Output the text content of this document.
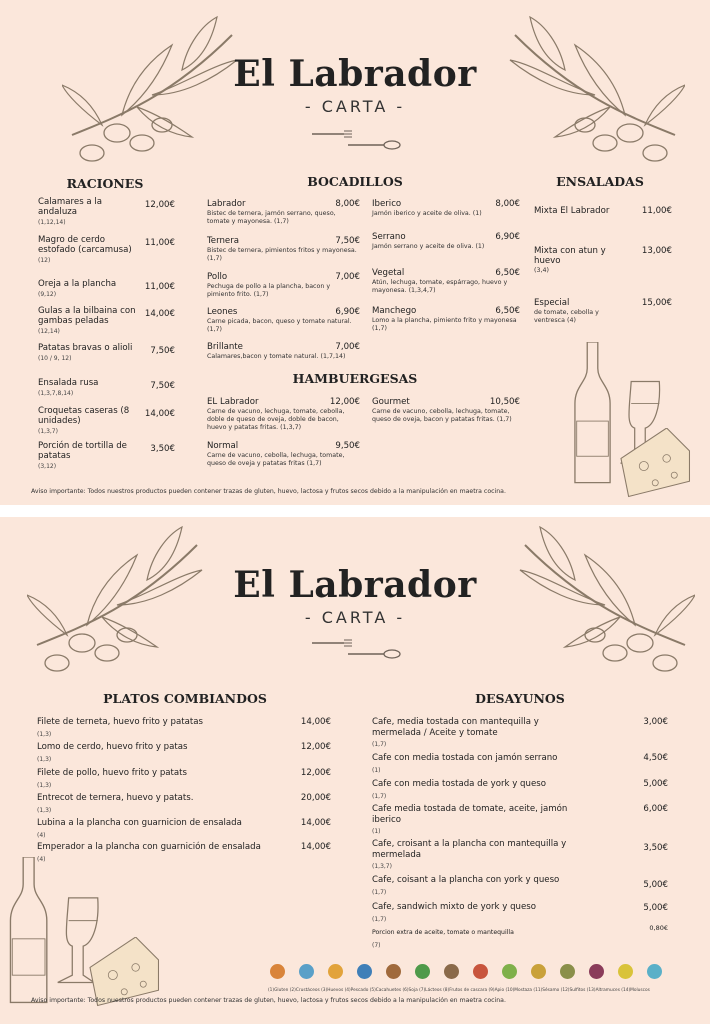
El Labrador
- CARTA -
RACIONES
Calamares a la andaluza
(1,12,14)
12,00€
Magro de cerdo estofado (carcamusa)
(12)
11,00€
Oreja a la plancha
(9,12)
11,00€
Gulas a la bilbaina con gambas peladas
(12,14)
14,00€
Patatas bravas o alioli
(10 / 9, 12)
7,50€
Ensalada rusa
(1,3,7,8,14)
7,50€
Croquetas caseras (8 unidades)
(1,3,7)
14,00€
Porción de tortilla de patatas
(3,12)
3,50€
BOCADILLOS
Labrador
Bistec de ternera, jamón serrano, queso, tomate y mayonesa. (1,7)
8,00€
Ternera
Bistec de ternera, pimientos fritos y mayonesa. (1,7)
7,50€
Pollo
Pechuga de pollo a la plancha, bacon y pimiento frito. (1,7)
7,00€
Leones
Carne picada, bacon, queso y tomate natural. (1,7)
6,90€
Brillante
Calamares,bacon y tomate natural. (1,7,14)
7,00€
Iberico
Jamón iberico y aceite de oliva. (1)
8,00€
Serrano
Jamón serrano y aceite de oliva. (1)
6,90€
Vegetal
Atún, lechuga, tomate, espárrago, huevo y mayonesa. (1,3,4,7)
6,50€
Manchego
Lomo a la plancha, pimiento frito y mayonesa (1,7)
6,50€
HAMBUERGESAS
EL Labrador
Carne de vacuno, lechuga, tomate, cebolla, doble de queso de oveja, doble de bacon, huevo y patatas fritas. (1,3,7)
12,00€ Gourmet
Carne de vacuno, cebolla, lechuga, tomate, queso de oveja, bacon y patatas fritas. (1,7)
10,50€
Normal
Carne de vacuno, cebolla, lechuga, tomate, queso de oveja y patatas fritas (1,7)
9,50€
ENSALADAS
Mixta El Labrador	11,00€
Mixta con atun y huevo
(3,4)
13,00€
Especial
de tomate, cebolla y ventresca (4)
15,00€
Aviso importante: Todos nuestros productos pueden contener trazas de gluten, huevo, lactosa y frutos secos debido a la manipulación en maetra cocina.
El Labrador
- CARTA -
PLATOS COMBIANDOS
Filete de terneta, huevo frito y patatas
(1,3)
14,00€
Lomo de cerdo, huevo frito y patas
(1,3)
12,00€
Filete de pollo, huevo frito y patats
(1,3)
12,00€
Entrecot de ternera, huevo y patats.
(1,3)
20,00€
Lubina a la plancha con guarnicion de ensalada
(4)
14,00€
Emperador a la plancha con guarnición de ensalada
(4)
14,00€
DESAYUNOS
Cafe, media tostada con mantequilla y mermelada / Aceite y tomate
(1,7)
3,00€
Cafe con media tostada con jamón serrano
(1)
4,50€
Cafe con media tostada de york y queso
(1,7)
5,00€
Cafe media tostada de tomate, aceite, jamón iberico
(1)
6,00€
Cafe, croisant a la plancha con mantequilla y mermelada
(1,3,7)
3,50€
Cafe, coisant a la plancha con york y queso
(1,7)
5,00€
Cafe, sandwich mixto de york y queso
(1,7)
5,00€
Porcion extra de aceite, tomate o mantequilla
(7)
0,80€
(1)Gluten (2)Crustáceos (3)Huevos (4)Pescado (5)Cacahuetes (6)Soja (7)Lácteos (8)Frutos de cascara (9)Apio (10)Mostaza (11)Sésamo (12)Sulfitos (13)Altramuces (14)Moluscos
Aviso importante: Todos nuestros productos pueden contener trazas de gluten, huevo, lactosa y frutos secos debido a la manipulación en maetra cocina.
